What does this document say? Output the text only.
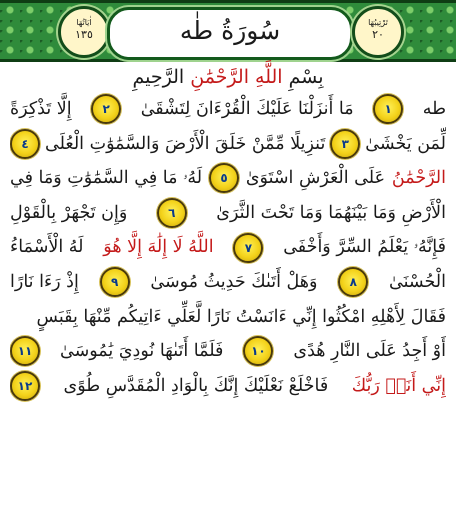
اٰيَاتُهَا
١٣٥	سُورَةُ طٰه	تَرْتِيبُهَا
٢٠
بِسْمِ اللَّهِ الرَّحْمَٰنِ الرَّحِيمِ
طه
١
مَا أَنزَلْنَا عَلَيْكَ الْقُرْءَانَ لِتَشْقَىٰ
٢
إِلَّا تَذْكِرَةً
لِّمَن يَخْشَىٰ
٣
تَنزِيلًا مِّمَّنْ خَلَقَ الْأَرْضَ وَالسَّمَٰوَٰتِ الْعُلَى
٤
الرَّحْمَٰنُ
عَلَى الْعَرْشِ اسْتَوَىٰ
٥
لَهُۥ مَا فِي السَّمَٰوَٰتِ وَمَا فِي
الْأَرْضِ وَمَا بَيْنَهُمَا وَمَا تَحْتَ الثَّرَىٰ
٦
وَإِن تَجْهَرْ بِالْقَوْلِ
فَإِنَّهُۥ يَعْلَمُ السِّرَّ وَأَخْفَى
٧
اللَّهُ لَا إِلَٰهَ إِلَّا هُوَ
لَهُ الْأَسْمَاءُ
الْحُسْنَىٰ
٨
وَهَلْ أَتَىٰكَ حَدِيثُ مُوسَىٰ
٩
إِذْ رَءَا نَارًا
فَقَالَ لِأَهْلِهِ امْكُثُوا إِنِّي ءَانَسْتُ نَارًا لَّعَلِّي ءَاتِيكُم مِّنْهَا بِقَبَسٍ
أَوْ أَجِدُ عَلَى النَّارِ هُدًى
١٠
فَلَمَّا أَتَىٰهَا نُودِيَ يَٰمُوسَىٰ
١١
إِنِّي أَنَا۠ رَبُّكَ
فَاخْلَعْ نَعْلَيْكَ إِنَّكَ بِالْوَادِ الْمُقَدَّسِ طُوًى
١٢
